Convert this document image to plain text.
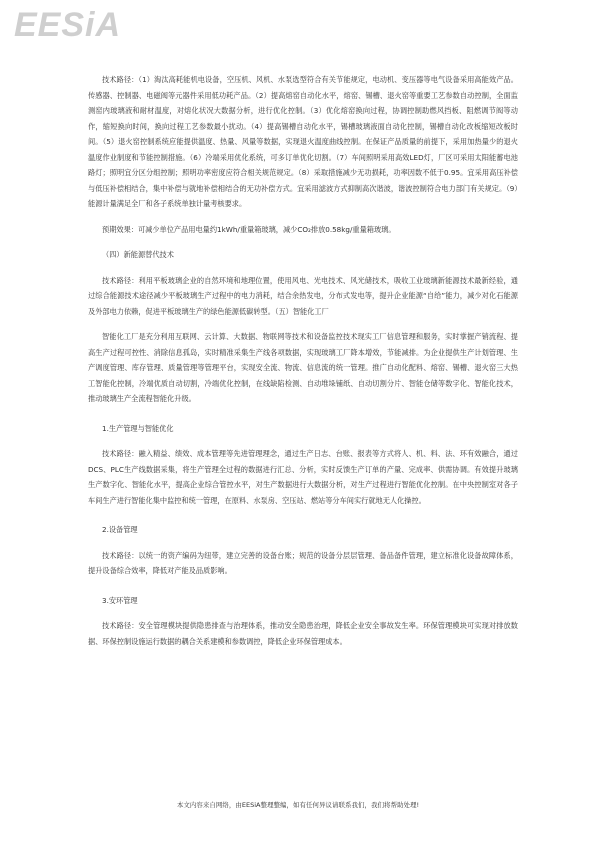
EESiA

技术路径：（1）淘汰高耗能机电设备，空压机、风机、水泵选型符合有关节能规定，电动机、变压器等电气设备采用高能效产品。传感器、控制器、电磁阀等元器件采用低功耗产品。（2）提高熔窑自动化水平，熔窑、锡槽、退火窑等重要工艺参数自动控制，全面监测窑内玻璃液和耐材温度，对熔化状况大数据分析，进行优化控制。（3）优化熔窑换向过程，协调控制助燃风挡板、阻燃调节阀等动作，缩短换向时间，换向过程工艺参数最小扰动。（4）提高锡槽自动化水平，锡槽玻璃液面自动化控制，锡槽自动化改板缩短改板时间。（5）退火窑控制系统应能提供温度、热量、风量等数据，实现退火温度曲线控制。在保证产品质量的前提下，采用加热量少的退火温度作业制度和节能控制措施。（6）冷端采用优化系统，可多订单优化切割。（7）车间照明采用高效LED灯，厂区可采用太阳能蓄电池路灯；照明宜分区分组控制；照明功率密度应符合相关规范规定。（8）采取措施减少无功损耗，功率因数不低于0.95。宜采用高压补偿与低压补偿相结合，集中补偿与就地补偿相结合的无功补偿方式。宜采用滤波方式抑制高次谐波，谐波控制符合电力部门有关规定。（9）能源计量满足全厂和各子系统单独计量考核要求。

预期效果：可减少单位产品用电量约1kWh/重量箱玻璃，减少CO₂排放0.58kg/重量箱玻璃。

（四）新能源替代技术

技术路径：利用平板玻璃企业的自然环境和地理位置，使用风电、光电技术、风光储技术，吸收工业玻璃新能源技术最新经验，通过综合能源技术途径减少平板玻璃生产过程中的电力消耗，结合余热发电，分布式发电等，提升企业能源“自给”能力，减少对化石能源及外部电力依赖，促进平板玻璃生产的绿色能源低碳转型。（五）智能化工厂

智能化工厂是充分利用互联网、云计算、大数据、物联网等技术和设备监控技术现实工厂信息管理和服务，实时掌握产销流程、提高生产过程可控性、消除信息孤岛，实时精准采集生产线各项数据，实现玻璃工厂降本增效，节能减排。为企业提供生产计划管理、生产调度管理、库存管理、质量管理等管理平台，实现安全流、物流、信息流的统一管理。推广自动化配料、熔窑、锡槽、退火窑三大热工智能化控制，冷端优质自动切割，冷端优化控制，在线缺陷检测、自动堆垛铺纸、自动切割分片、智能仓储等数字化、智能化技术，推动玻璃生产全流程智能化升级。

1.生产管理与智能优化

技术路径：融入精益、绩效、成本管理等先进管理理念，通过生产日志、台账、报表等方式将人、机、料、法、环有效融合，通过DCS、PLC生产线数据采集，将生产管理全过程的数据进行汇总、分析，实时反馈生产订单的产量、完成率、供需协调。有效提升玻璃生产数字化、智能化水平，提高企业综合管控水平，对生产数据进行大数据分析，对生产过程进行智能优化控制。在中央控制室对各子车间生产进行智能化集中监控和统一管理，在原料、水泵房、空压站、燃站等分车间实行就地无人化操控。

2.设备管理

技术路径：以统一的资产编码为纽带，建立完善的设备台账；规范的设备分层层管理、备品备件管理，建立标准化设备故障体系，提升设备综合效率，降低对产能及品质影响。

3.安环管理

技术路径：安全管理模块提供隐患排查与治理体系，推动安全隐患治理，降低企业安全事故发生率。环保管理模块可实现对排放数据、环保控制设施运行数据的耦合关系建模和参数调控，降低企业环保管理成本。

本文内容来自网络，由EESiA整理整编，如有任何异议请联系我们，我们将帮助处理!
